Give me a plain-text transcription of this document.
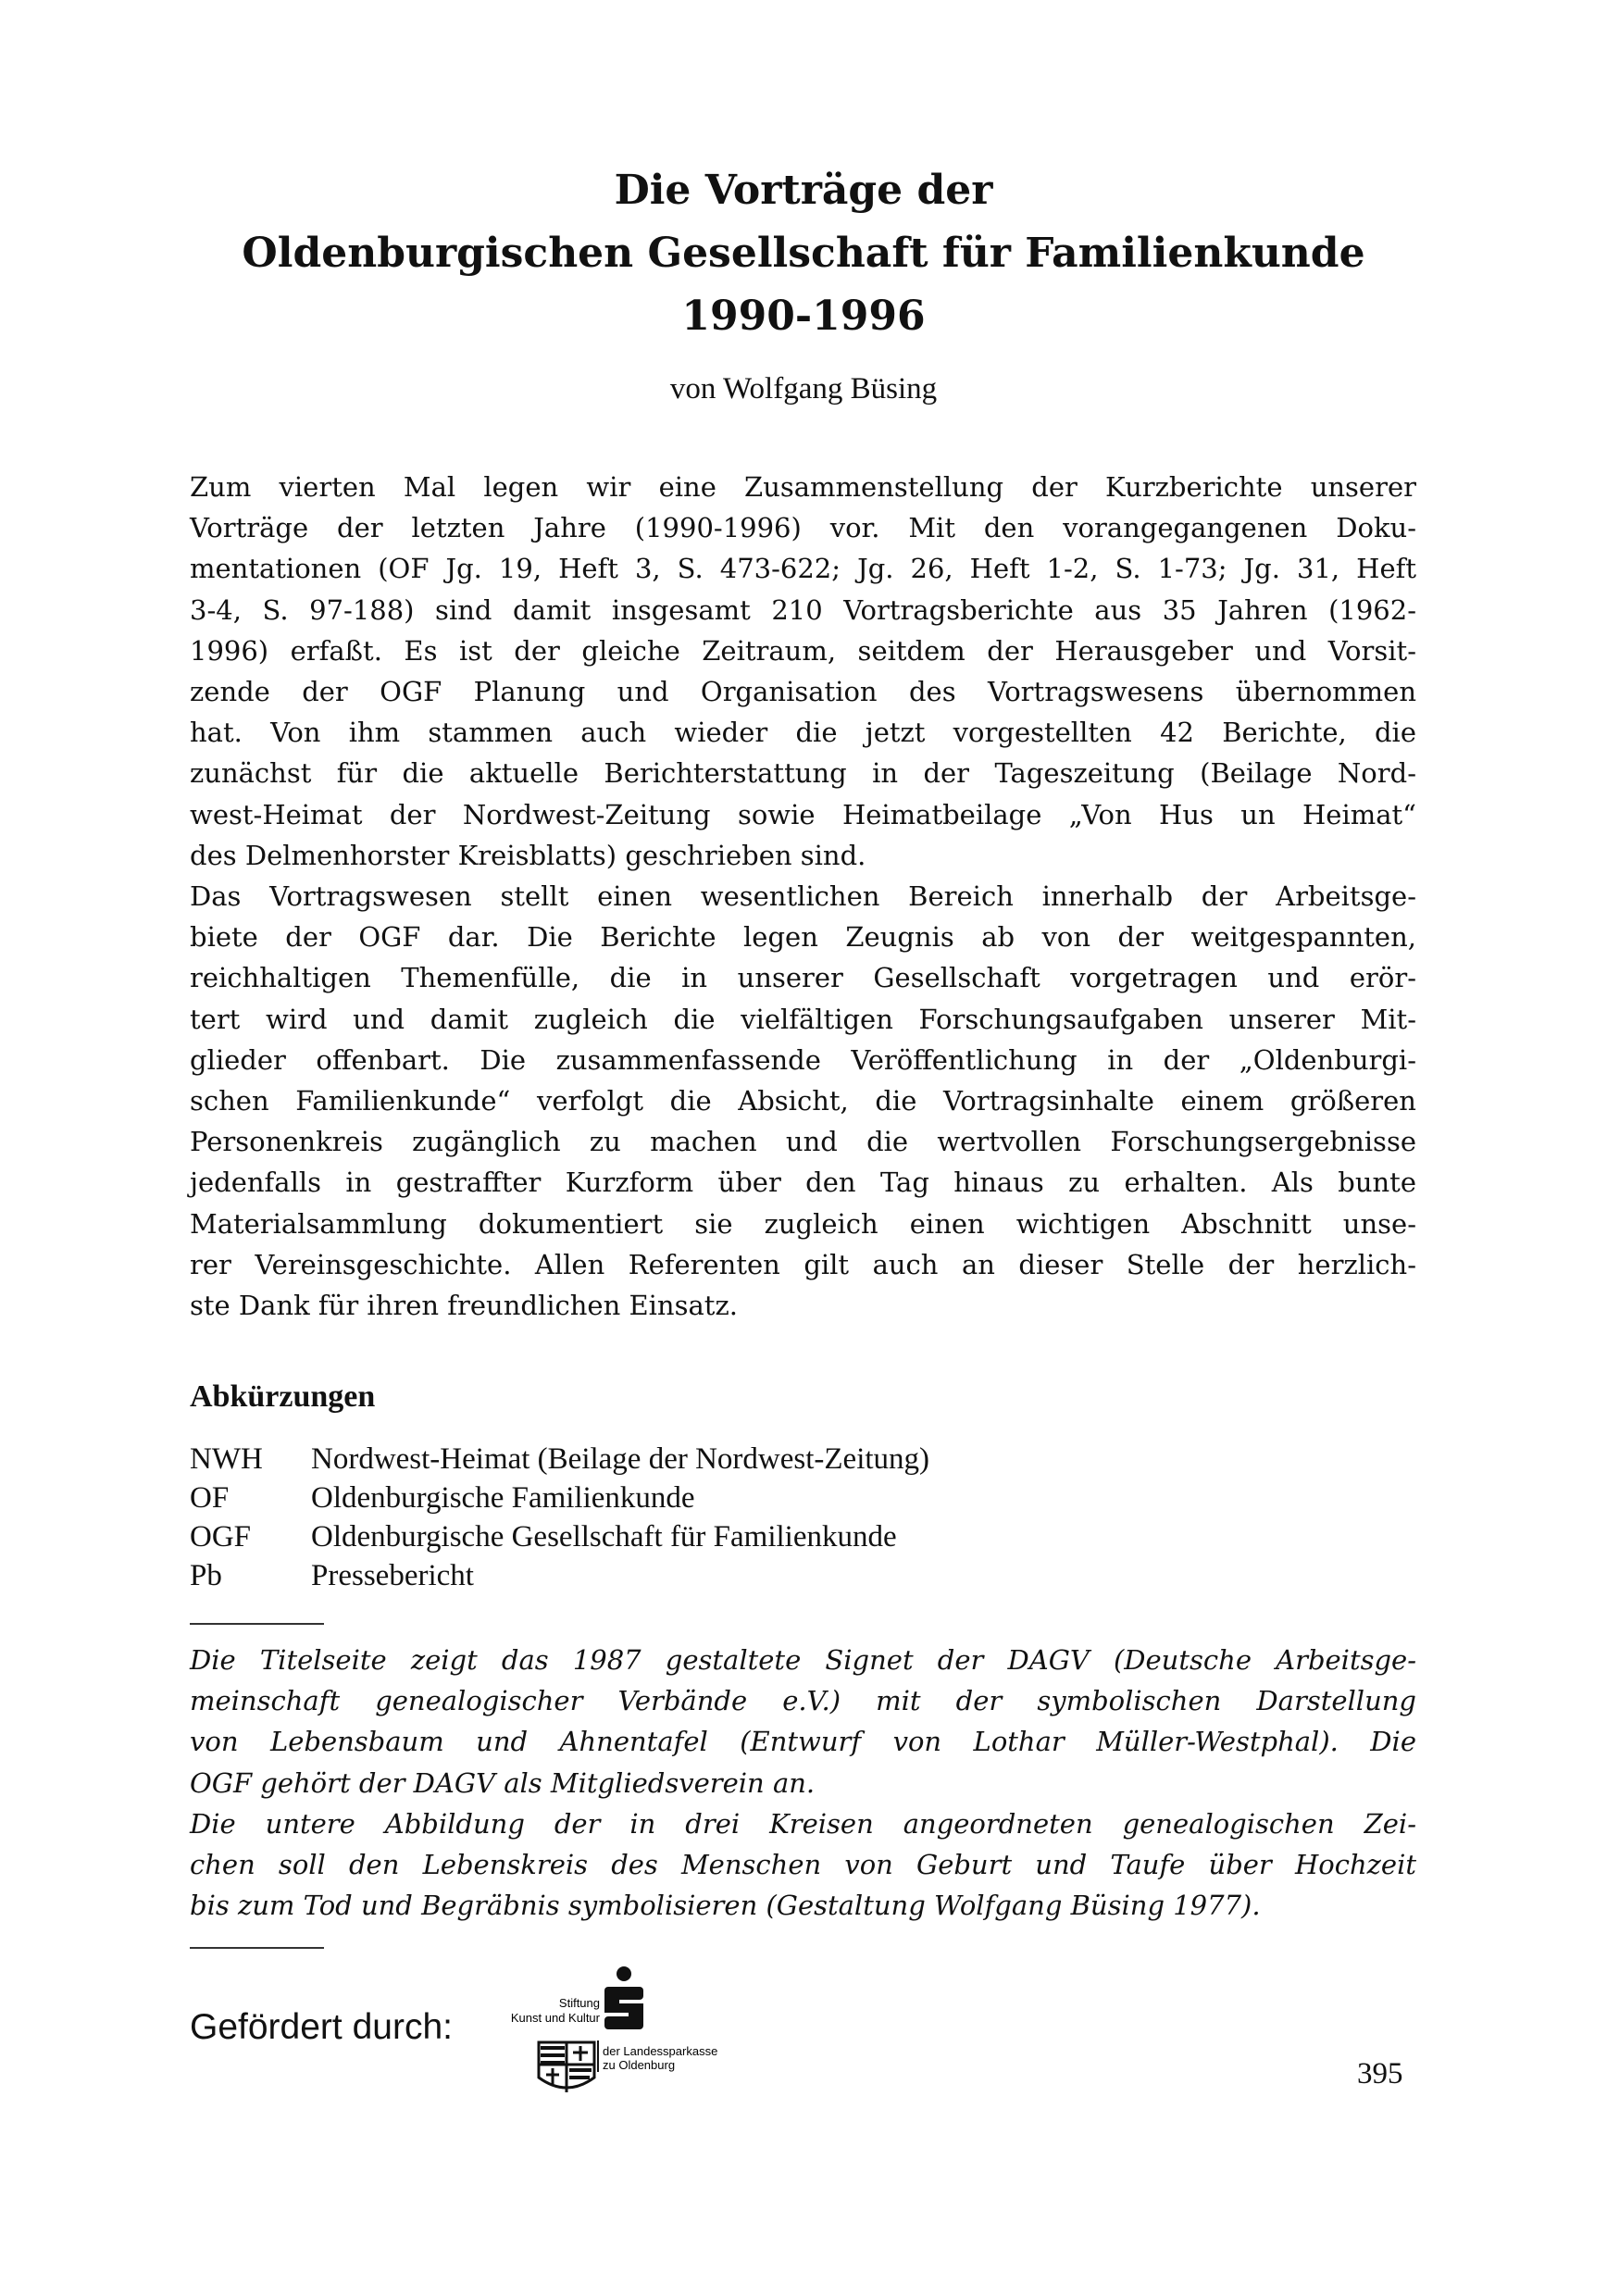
Die Vorträge der
Oldenburgischen Gesellschaft für Familienkunde
1990-1996
von Wolfgang Büsing
Zum vierten Mal legen wir eine Zusammenstellung der Kurzberichte unserer
Vorträge der letzten Jahre (1990-1996) vor. Mit den vorangegangenen Doku-
mentationen (OF Jg. 19, Heft 3, S. 473-622; Jg. 26, Heft 1-2, S. 1-73; Jg. 31, Heft
3-4, S. 97-188) sind damit insgesamt 210 Vortragsberichte aus 35 Jahren (1962-
1996) erfaßt. Es ist der gleiche Zeitraum, seitdem der Herausgeber und Vorsit-
zende der OGF Planung und Organisation des Vortragswesens übernommen
hat. Von ihm stammen auch wieder die jetzt vorgestellten 42 Berichte, die
zunächst für die aktuelle Berichterstattung in der Tageszeitung (Beilage Nord-
west-Heimat der Nordwest-Zeitung sowie Heimatbeilage „Von Hus un Heimat“
des Delmenhorster Kreisblatts) geschrieben sind.
Das Vortragswesen stellt einen wesentlichen Bereich innerhalb der Arbeitsge-
biete der OGF dar. Die Berichte legen Zeugnis ab von der weitgespannten,
reichhaltigen Themenfülle, die in unserer Gesellschaft vorgetragen und erör-
tert wird und damit zugleich die vielfältigen Forschungsaufgaben unserer Mit-
glieder offenbart. Die zusammenfassende Veröffentlichung in der „Oldenburgi-
schen Familienkunde“ verfolgt die Absicht, die Vortragsinhalte einem größeren
Personenkreis zugänglich zu machen und die wertvollen Forschungsergebnisse
jedenfalls in gestraffter Kurzform über den Tag hinaus zu erhalten. Als bunte
Materialsammlung dokumentiert sie zugleich einen wichtigen Abschnitt unse-
rer Vereinsgeschichte. Allen Referenten gilt auch an dieser Stelle der herzlich-
ste Dank für ihren freundlichen Einsatz.
Abkürzungen
NWH	Nordwest-Heimat (Beilage der Nordwest-Zeitung)
OF	Oldenburgische Familienkunde
OGF	Oldenburgische Gesellschaft für Familienkunde
Pb	Pressebericht
Die Titelseite zeigt das 1987 gestaltete Signet der DAGV (Deutsche Arbeitsge-
meinschaft genealogischer Verbände e.V.) mit der symbolischen Darstellung
von Lebensbaum und Ahnentafel (Entwurf von Lothar Müller-Westphal). Die
OGF gehört der DAGV als Mitgliedsverein an.
Die untere Abbildung der in drei Kreisen angeordneten genealogischen Zei-
chen soll den Lebenskreis des Menschen von Geburt und Taufe über Hochzeit
bis zum Tod und Begräbnis symbolisieren (Gestaltung Wolfgang Büsing 1977).
Gefördert durch:
Stiftung
Kunst und Kultur
der Landessparkasse
zu Oldenburg	395
